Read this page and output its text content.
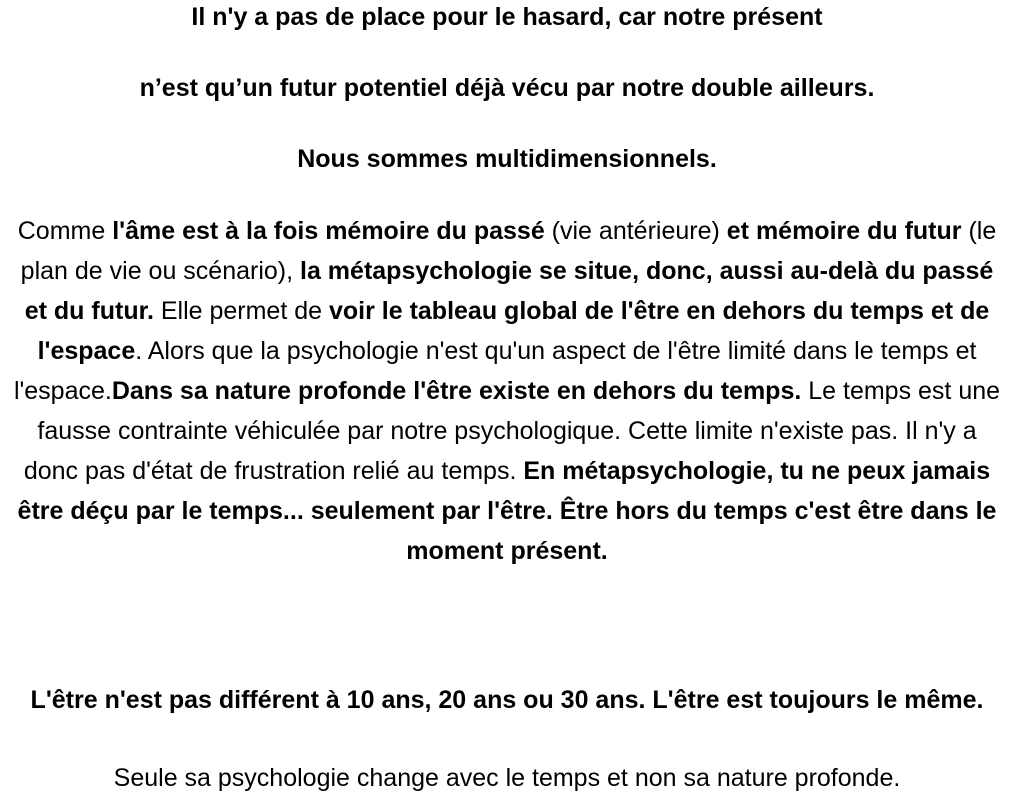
Il n'y a pas de place pour le hasard, car notre présent

n’est qu’un futur potentiel déjà vécu par notre double ailleurs.

Nous sommes multidimensionnels.

Comme l'âme est à la fois mémoire du passé (vie antérieure) et mémoire du futur (le plan de vie ou scénario), la métapsychologie se situe, donc, aussi au-delà du passé et du futur. Elle permet de voir le tableau global de l'être en dehors du temps et de l'espace. Alors que la psychologie n'est qu'un aspect de l'être limité dans le temps et l'espace.Dans sa nature profonde l'être existe en dehors du temps. Le temps est une fausse contrainte véhiculée par notre psychologique. Cette limite n'existe pas. Il n'y a donc pas d'état de frustration relié au temps. En métapsychologie, tu ne peux jamais être déçu par le temps... seulement par l'être. Être hors du temps c'est être dans le moment présent.

L'être n'est pas différent à 10 ans, 20 ans ou 30 ans. L'être est toujours le même.

Seule sa psychologie change avec le temps et non sa nature profonde.
